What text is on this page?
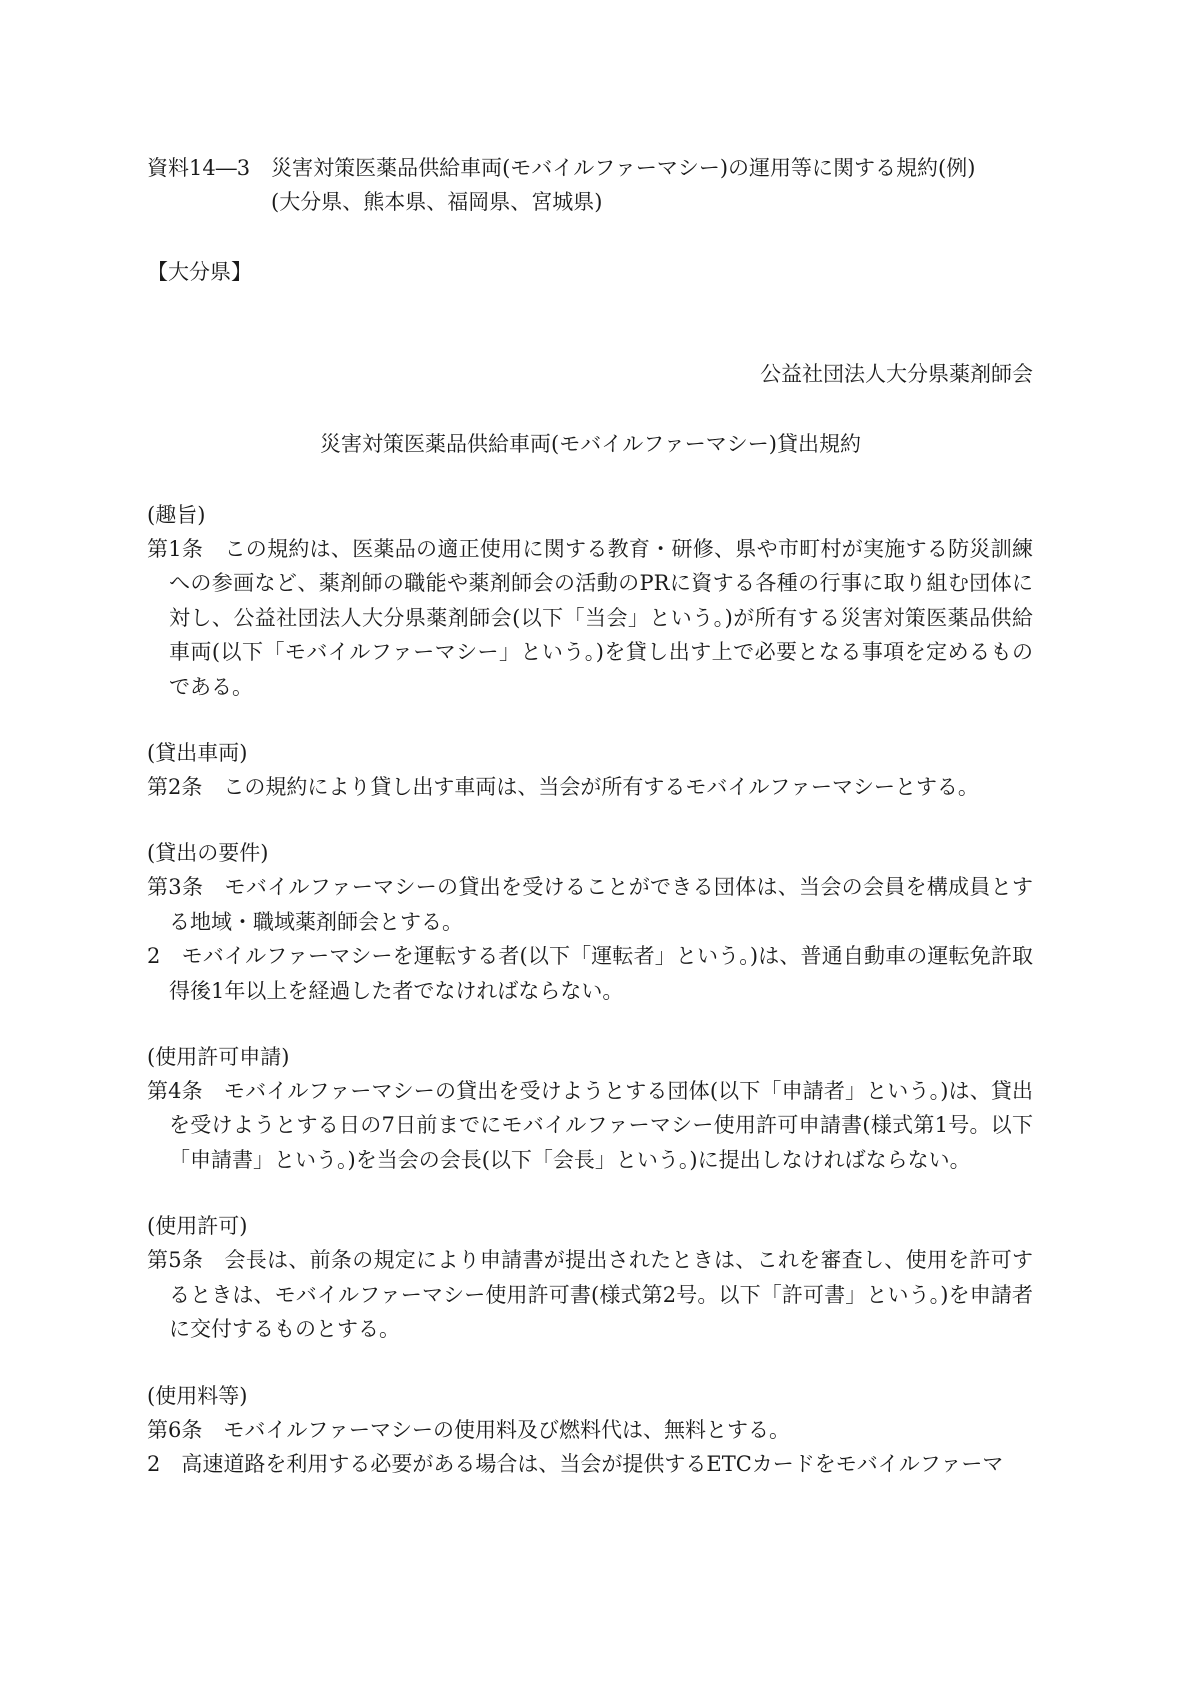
資料14―3　災害対策医薬品供給車両(モバイルファーマシー)の運用等に関する規約(例)
(大分県、熊本県、福岡県、宮城県)
【大分県】
公益社団法人大分県薬剤師会
災害対策医薬品供給車両(モバイルファーマシー)貸出規約
(趣旨)
第1条　この規約は、医薬品の適正使用に関する教育・研修、県や市町村が実施する防災訓練への参画など、薬剤師の職能や薬剤師会の活動のPRに資する各種の行事に取り組む団体に対し、公益社団法人大分県薬剤師会(以下「当会」という。)が所有する災害対策医薬品供給車両(以下「モバイルファーマシー」という。)を貸し出す上で必要となる事項を定めるものである。
(貸出車両)
第2条　この規約により貸し出す車両は、当会が所有するモバイルファーマシーとする。
(貸出の要件)
第3条　モバイルファーマシーの貸出を受けることができる団体は、当会の会員を構成員とする地域・職域薬剤師会とする。
2　モバイルファーマシーを運転する者(以下「運転者」という。)は、普通自動車の運転免許取得後1年以上を経過した者でなければならない。
(使用許可申請)
第4条　モバイルファーマシーの貸出を受けようとする団体(以下「申請者」という。)は、貸出を受けようとする日の7日前までにモバイルファーマシー使用許可申請書(様式第1号。以下「申請書」という。)を当会の会長(以下「会長」という。)に提出しなければならない。
(使用許可)
第5条　会長は、前条の規定により申請書が提出されたときは、これを審査し、使用を許可するときは、モバイルファーマシー使用許可書(様式第2号。以下「許可書」という。)を申請者に交付するものとする。
(使用料等)
第6条　モバイルファーマシーの使用料及び燃料代は、無料とする。
2　高速道路を利用する必要がある場合は、当会が提供するETCカードをモバイルファーマ
